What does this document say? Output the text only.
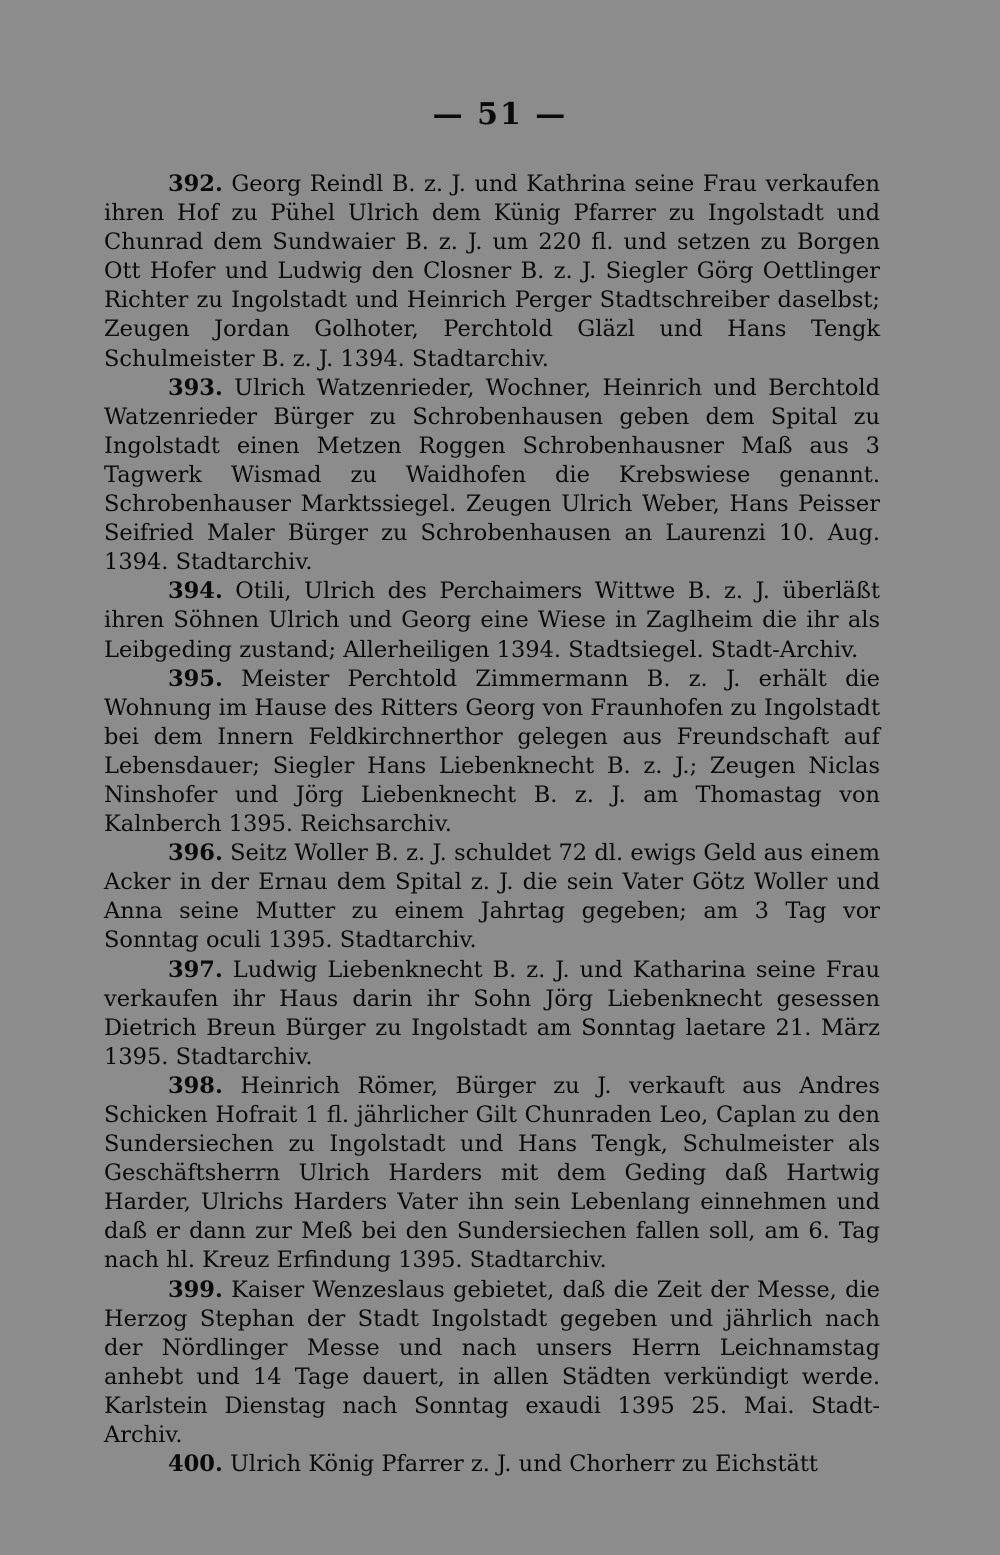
— 51 —

392. Georg Reindl B. z. J. und Kathrina seine Frau verkaufen ihren Hof zu Pühel Ulrich dem Künig Pfarrer zu Ingolstadt und Chunrad dem Sundwaier B. z. J. um 220 fl. und setzen zu Borgen Ott Hofer und Ludwig den Closner B. z. J. Siegler Görg Oettlinger Richter zu Ingolstadt und Heinrich Perger Stadtschreiber daselbst; Zeugen Jordan Golhoter, Perchtold Gläzl und Hans Tengk Schulmeister B. z. J. 1394. Stadtarchiv.

393. Ulrich Watzenrieder, Wochner, Heinrich und Berchtold Watzenrieder Bürger zu Schrobenhausen geben dem Spital zu Ingolstadt einen Metzen Roggen Schrobenhausner Maß aus 3 Tagwerk Wismad zu Waidhofen die Krebswiese genannt. Schrobenhauser Marktssiegel. Zeugen Ulrich Weber, Hans Peisser Seifried Maler Bürger zu Schrobenhausen an Laurenzi 10. Aug. 1394. Stadtarchiv.

394. Otili, Ulrich des Perchaimers Wittwe B. z. J. überläßt ihren Söhnen Ulrich und Georg eine Wiese in Zaglheim die ihr als Leibgeding zustand; Allerheiligen 1394. Stadtsiegel. Stadt-Archiv.

395. Meister Perchtold Zimmermann B. z. J. erhält die Wohnung im Hause des Ritters Georg von Fraunhofen zu Ingolstadt bei dem Innern Feldkirchnerthor gelegen aus Freundschaft auf Lebensdauer; Siegler Hans Liebenknecht B. z. J.; Zeugen Niclas Ninshofer und Jörg Liebenknecht B. z. J. am Thomastag von Kalnberch 1395. Reichsarchiv.

396. Seitz Woller B. z. J. schuldet 72 dl. ewigs Geld aus einem Acker in der Ernau dem Spital z. J. die sein Vater Götz Woller und Anna seine Mutter zu einem Jahrtag gegeben; am 3 Tag vor Sonntag oculi 1395. Stadtarchiv.

397. Ludwig Liebenknecht B. z. J. und Katharina seine Frau verkaufen ihr Haus darin ihr Sohn Jörg Liebenknecht gesessen Dietrich Breun Bürger zu Ingolstadt am Sonntag laetare 21. März 1395. Stadtarchiv.

398. Heinrich Römer, Bürger zu J. verkauft aus Andres Schicken Hofrait 1 fl. jährlicher Gilt Chunraden Leo, Caplan zu den Sundersiechen zu Ingolstadt und Hans Tengk, Schulmeister als Geschäftsherrn Ulrich Harders mit dem Geding daß Hartwig Harder, Ulrichs Harders Vater ihn sein Lebenlang einnehmen und daß er dann zur Meß bei den Sundersiechen fallen soll, am 6. Tag nach hl. Kreuz Erfindung 1395. Stadtarchiv.

399. Kaiser Wenzeslaus gebietet, daß die Zeit der Messe, die Herzog Stephan der Stadt Ingolstadt gegeben und jährlich nach der Nördlinger Messe und nach unsers Herrn Leichnamstag anhebt und 14 Tage dauert, in allen Städten verkündigt werde. Karlstein Dienstag nach Sonntag exaudi 1395 25. Mai. Stadt-Archiv.

400. Ulrich König Pfarrer z. J. und Chorherr zu Eichstätt
